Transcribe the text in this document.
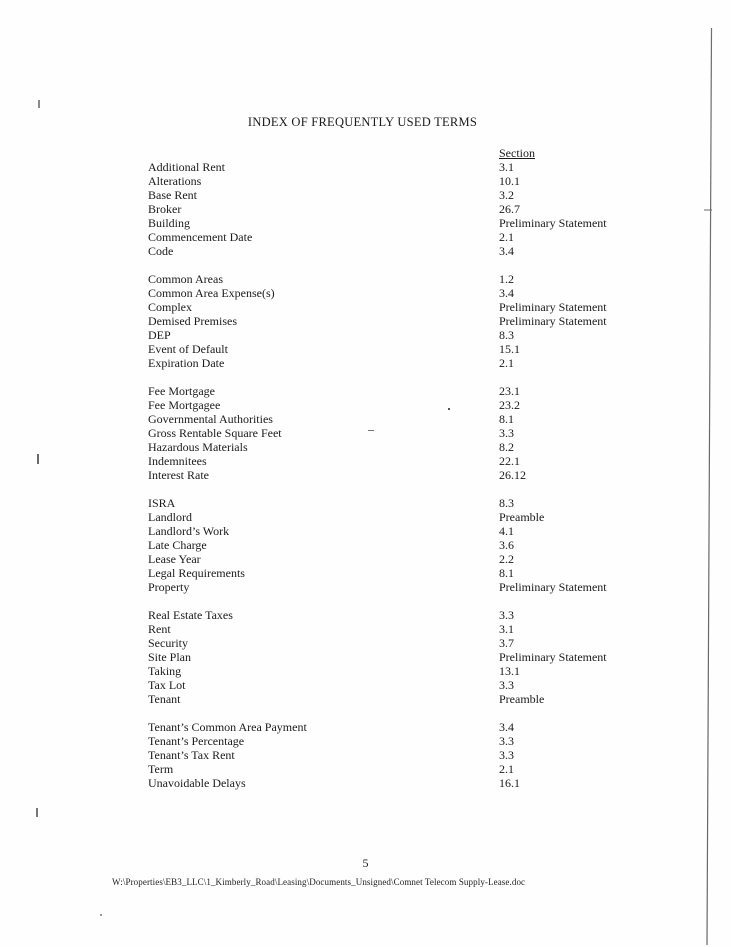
INDEX OF FREQUENTLY USED TERMS
Section
Additional Rent	3.1
Alterations	10.1
Base Rent	3.2
Broker	26.7
Building	Preliminary Statement
Commencement Date	2.1
Code	3.4
Common Areas	1.2
Common Area Expense(s)	3.4
Complex	Preliminary Statement
Demised Premises	Preliminary Statement
DEP	8.3
Event of Default	15.1
Expiration Date	2.1
Fee Mortgage	23.1
Fee Mortgagee	23.2
Governmental Authorities	8.1
Gross Rentable Square Feet	3.3
Hazardous Materials	8.2
Indemnitees	22.1
Interest Rate	26.12
ISRA	8.3
Landlord	Preamble
Landlord’s Work	4.1
Late Charge	3.6
Lease Year	2.2
Legal Requirements	8.1
Property	Preliminary Statement
Real Estate Taxes	3.3
Rent	3.1
Security	3.7
Site Plan	Preliminary Statement
Taking	13.1
Tax Lot	3.3
Tenant	Preamble
Tenant’s Common Area Payment	3.4
Tenant’s Percentage	3.3
Tenant’s Tax Rent	3.3
Term	2.1
Unavoidable Delays	16.1
5
W:\Properties\EB3_LLC\1_Kimberly_Road\Leasing\Documents_Unsigned\Comnet Telecom Supply-Lease.doc
